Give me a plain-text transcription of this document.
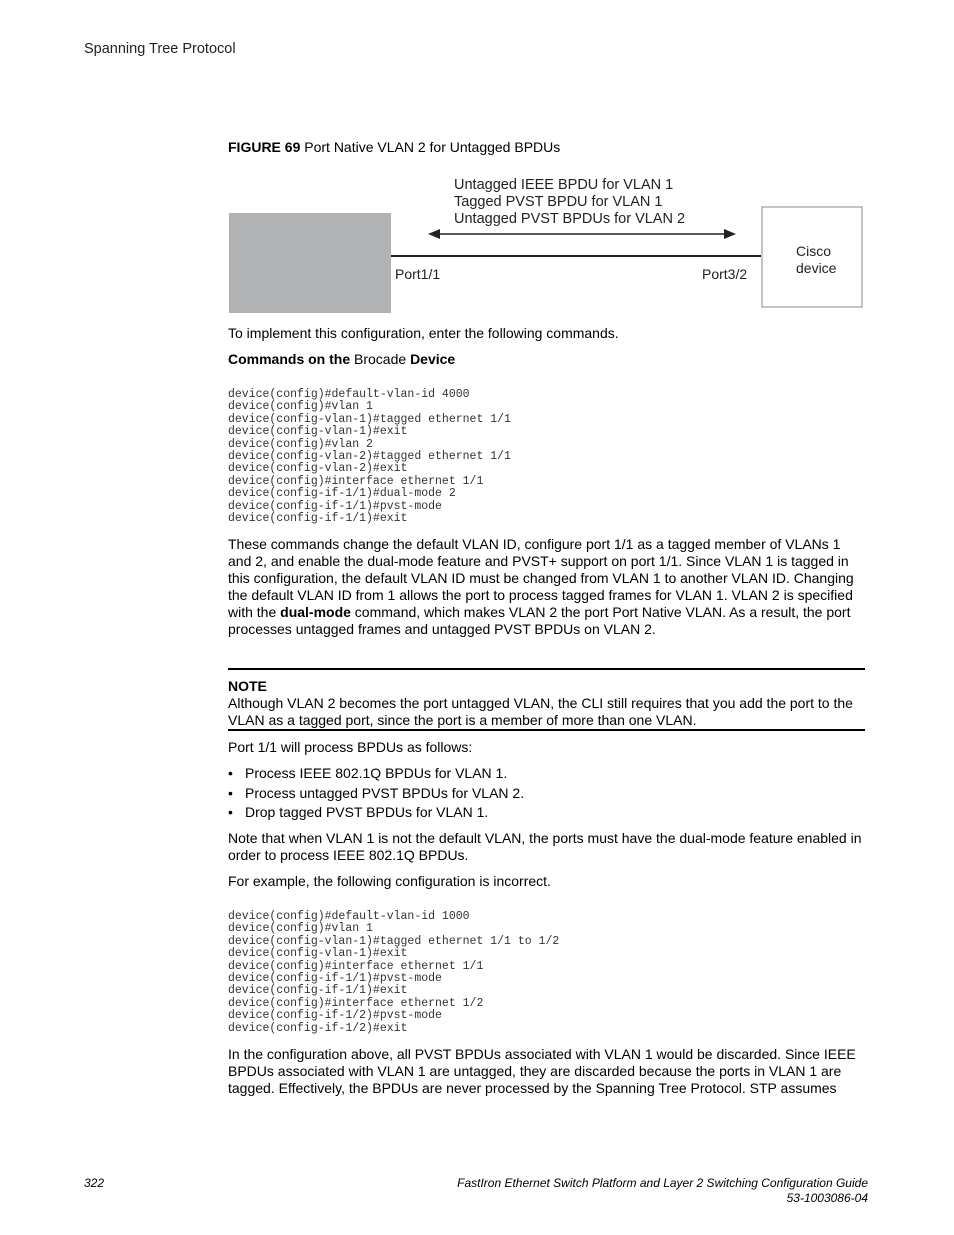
Spanning Tree Protocol
FIGURE 69 Port Native VLAN 2 for Untagged BPDUs
Untagged IEEE BPDU for VLAN 1
Tagged PVST BPDU for VLAN 1
Untagged PVST BPDUs for VLAN 2
Port1/1	Port3/2
Cisco
device
To implement this configuration, enter the following commands.
Commands on the Brocade Device
device(config)#default-vlan-id 4000
device(config)#vlan 1
device(config-vlan-1)#tagged ethernet 1/1
device(config-vlan-1)#exit
device(config)#vlan 2
device(config-vlan-2)#tagged ethernet 1/1
device(config-vlan-2)#exit
device(config)#interface ethernet 1/1
device(config-if-1/1)#dual-mode 2
device(config-if-1/1)#pvst-mode
device(config-if-1/1)#exit
These commands change the default VLAN ID, configure port 1/1 as a tagged member of VLANs 1 and 2, and enable the dual-mode feature and PVST+ support on port 1/1. Since VLAN 1 is tagged in this configuration, the default VLAN ID must be changed from VLAN 1 to another VLAN ID. Changing the default VLAN ID from 1 allows the port to process tagged frames for VLAN 1. VLAN 2 is specified with the dual-mode command, which makes VLAN 2 the port Port Native VLAN. As a result, the port processes untagged frames and untagged PVST BPDUs on VLAN 2.
NOTE
Although VLAN 2 becomes the port untagged VLAN, the CLI still requires that you add the port to the VLAN as a tagged port, since the port is a member of more than one VLAN.
Port 1/1 will process BPDUs as follows:
• Process IEEE 802.1Q BPDUs for VLAN 1.
• Process untagged PVST BPDUs for VLAN 2.
• Drop tagged PVST BPDUs for VLAN 1.
Note that when VLAN 1 is not the default VLAN, the ports must have the dual-mode feature enabled in order to process IEEE 802.1Q BPDUs.
For example, the following configuration is incorrect.
device(config)#default-vlan-id 1000
device(config)#vlan 1
device(config-vlan-1)#tagged ethernet 1/1 to 1/2
device(config-vlan-1)#exit
device(config)#interface ethernet 1/1
device(config-if-1/1)#pvst-mode
device(config-if-1/1)#exit
device(config)#interface ethernet 1/2
device(config-if-1/2)#pvst-mode
device(config-if-1/2)#exit
In the configuration above, all PVST BPDUs associated with VLAN 1 would be discarded. Since IEEE BPDUs associated with VLAN 1 are untagged, they are discarded because the ports in VLAN 1 are tagged. Effectively, the BPDUs are never processed by the Spanning Tree Protocol. STP assumes
322	FastIron Ethernet Switch Platform and Layer 2 Switching Configuration Guide
53-1003086-04
